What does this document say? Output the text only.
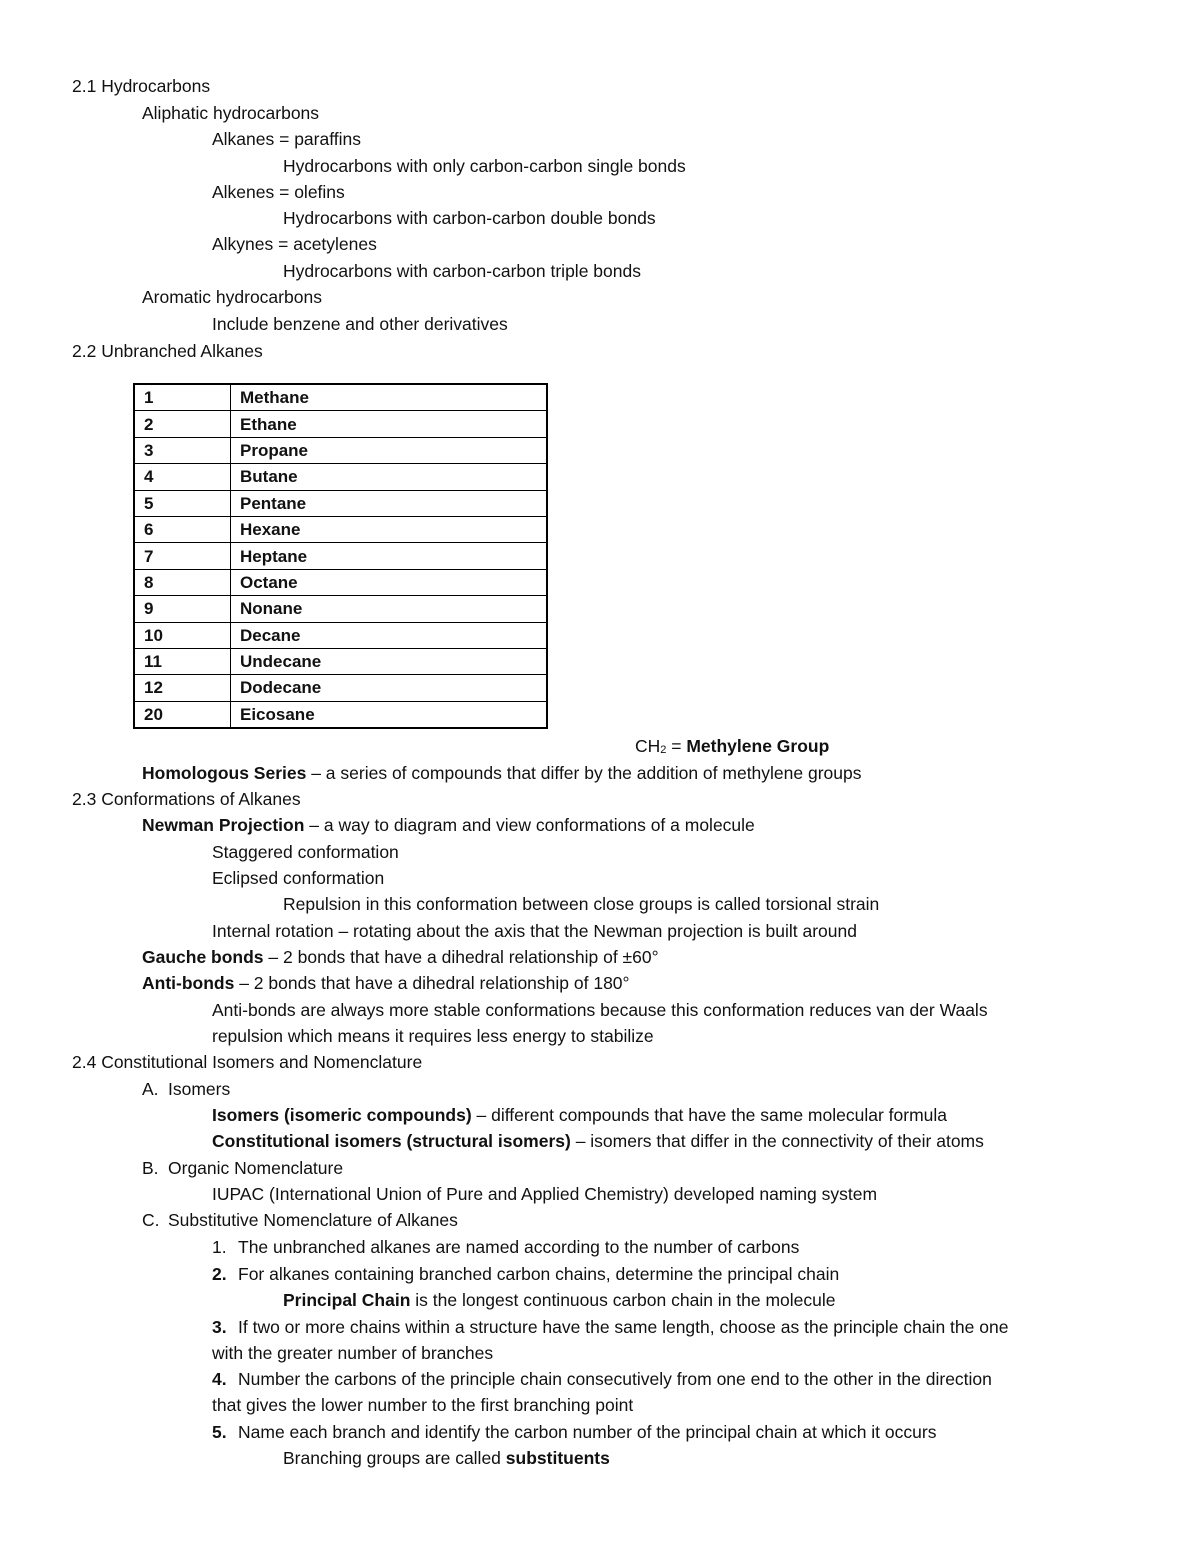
2.1 Hydrocarbons
Aliphatic hydrocarbons
Alkanes = paraffins
Hydrocarbons with only carbon-carbon single bonds
Alkenes = olefins
Hydrocarbons with carbon-carbon double bonds
Alkynes = acetylenes
Hydrocarbons with carbon-carbon triple bonds
Aromatic hydrocarbons
Include benzene and other derivatives
2.2 Unbranched Alkanes
1	Methane
2	Ethane
3	Propane
4	Butane
5	Pentane
6	Hexane
7	Heptane
8	Octane
9	Nonane
10	Decane
11	Undecane
12	Dodecane
20	Eicosane
$CH_2$ = Methylene Group
Homologous Series – a series of compounds that differ by the addition of methylene groups
2.3 Conformations of Alkanes
Newman Projection – a way to diagram and view conformations of a molecule
Staggered conformation
Eclipsed conformation
Repulsion in this conformation between close groups is called torsional strain
Internal rotation – rotating about the axis that the Newman projection is built around
Gauche bonds – 2 bonds that have a dihedral relationship of ±60°
Anti-bonds – 2 bonds that have a dihedral relationship of 180°
Anti-bonds are always more stable conformations because this conformation reduces van der Waals
repulsion which means it requires less energy to stabilize
2.4 Constitutional Isomers and Nomenclature
A. Isomers
Isomers (isomeric compounds) – different compounds that have the same molecular formula
Constitutional isomers (structural isomers) – isomers that differ in the connectivity of their atoms
B. Organic Nomenclature
IUPAC (International Union of Pure and Applied Chemistry) developed naming system
C. Substitutive Nomenclature of Alkanes
1. The unbranched alkanes are named according to the number of carbons
2. For alkanes containing branched carbon chains, determine the principal chain
Principal Chain is the longest continuous carbon chain in the molecule
3. If two or more chains within a structure have the same length, choose as the principle chain the one
with the greater number of branches
4. Number the carbons of the principle chain consecutively from one end to the other in the direction
that gives the lower number to the first branching point
5. Name each branch and identify the carbon number of the principal chain at which it occurs
Branching groups are called substituents
